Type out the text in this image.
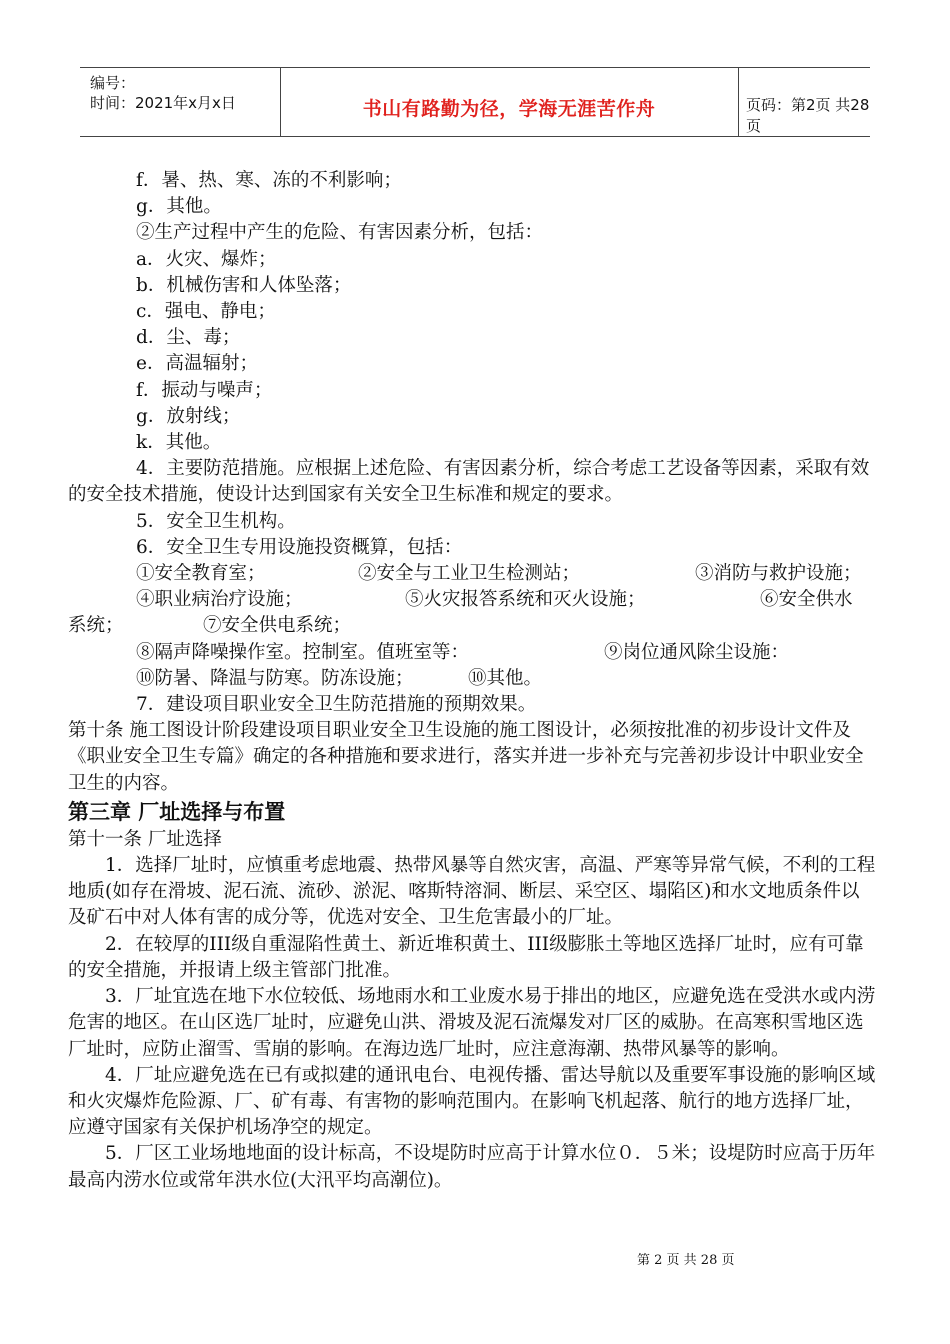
编号：
时间：2021年x月x日	书山有路勤为径，学海无涯苦作舟	页码：第2页 共28页

f．暑、热、寒、冻的不利影响；

g．其他。

②生产过程中产生的危险、有害因素分析，包括：

a．火灾、爆炸；

b．机械伤害和人体坠落；

c．强电、静电；

d．尘、毒；

e．高温辐射；

f．振动与噪声；

g．放射线；

k．其他。

4．主要防范措施。应根据上述危险、有害因素分析，综合考虑工艺设备等因素，采取有效的安全技术措施，使设计达到国家有关安全卫生标准和规定的要求。

5．安全卫生机构。

6．安全卫生专用设施投资概算，包括：

①安全教育室；	②安全与工业卫生检测站；	③消防与救护设施；
④职业病治疗设施；	⑤火灾报答系统和灭火设施；	⑥安全供水
系统；	⑦安全供电系统；
⑧隔声降噪操作室。控制室。值班室等：	⑨岗位通风除尘设施：
⑩防暑、降温与防寒。防冻设施；	⑩其他。

7．建设项目职业安全卫生防范措施的预期效果。

第十条 施工图设计阶段建设项目职业安全卫生设施的施工图设计，必须按批准的初步设计文件及《职业安全卫生专篇》确定的各种措施和要求进行，落实并进一步补充与完善初步设计中职业安全卫生的内容。

第三章 厂址选择与布置

第十一条 厂址选择

1．选择厂址时，应慎重考虑地震、热带风暴等自然灾害，高温、严寒等异常气候，不利的工程地质(如存在滑坡、泥石流、流砂、淤泥、喀斯特溶洞、断层、采空区、塌陷区)和水文地质条件以及矿石中对人体有害的成分等，优选对安全、卫生危害最小的厂址。

2．在较厚的III级自重湿陷性黄土、新近堆积黄土、III级膨胀土等地区选择厂址时，应有可靠的安全措施，并报请上级主管部门批准。

3．厂址宜选在地下水位较低、场地雨水和工业废水易于排出的地区，应避免选在受洪水或内涝危害的地区。在山区选厂址时，应避免山洪、滑坡及泥石流爆发对厂区的威胁。在高寒积雪地区选厂址时，应防止溜雪、雪崩的影响。在海边选厂址时，应注意海潮、热带风暴等的影响。

4．厂址应避免选在已有或拟建的通讯电台、电视传播、雷达导航以及重要军事设施的影响区域和火灾爆炸危险源、厂、矿有毒、有害物的影响范围内。在影响飞机起落、航行的地方选择厂址，应遵守国家有关保护机场净空的规定。

5．厂区工业场地地面的设计标高，不设堤防时应高于计算水位０．５米；设堤防时应高于历年最高内涝水位或常年洪水位(大汛平均高潮位)。

第 2 页 共 28 页
